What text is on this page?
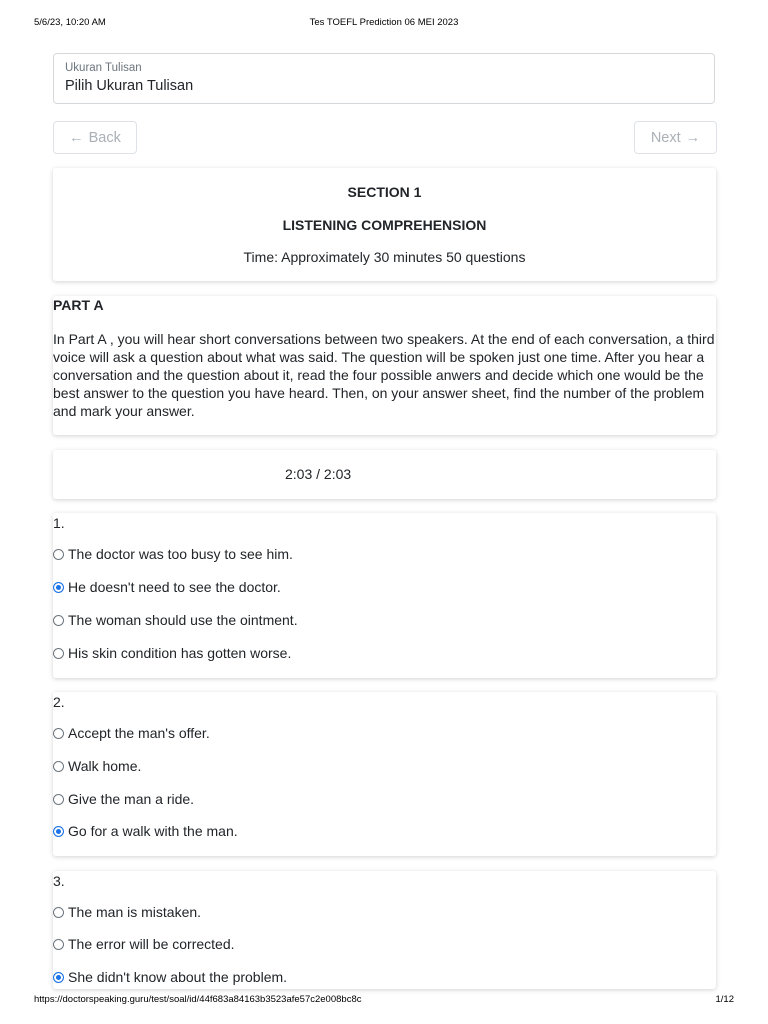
5/6/23, 10:20 AM	Tes TOEFL Prediction 06 MEI 2023
Ukuran Tulisan
Pilih Ukuran Tulisan
← Back	Next →
SECTION 1
LISTENING COMPREHENSION
Time: Approximately 30 minutes 50 questions
PART A
In Part A , you will hear short conversations between two speakers. At the end of each conversation, a third voice will ask a question about what was said. The question will be spoken just one time. After you hear a conversation and the question about it, read the four possible anwers and decide which one would be the best answer to the question you have heard. Then, on your answer sheet, find the number of the problem and mark your answer.
2:03 / 2:03
1.
The doctor was too busy to see him.
He doesn't need to see the doctor.
The woman should use the ointment.
His skin condition has gotten worse.
2.
Accept the man's offer.
Walk home.
Give the man a ride.
Go for a walk with the man.
3.
The man is mistaken.
The error will be corrected.
She didn't know about the problem.
https://doctorspeaking.guru/test/soal/id/44f683a84163b3523afe57c2e008bc8c	1/12
